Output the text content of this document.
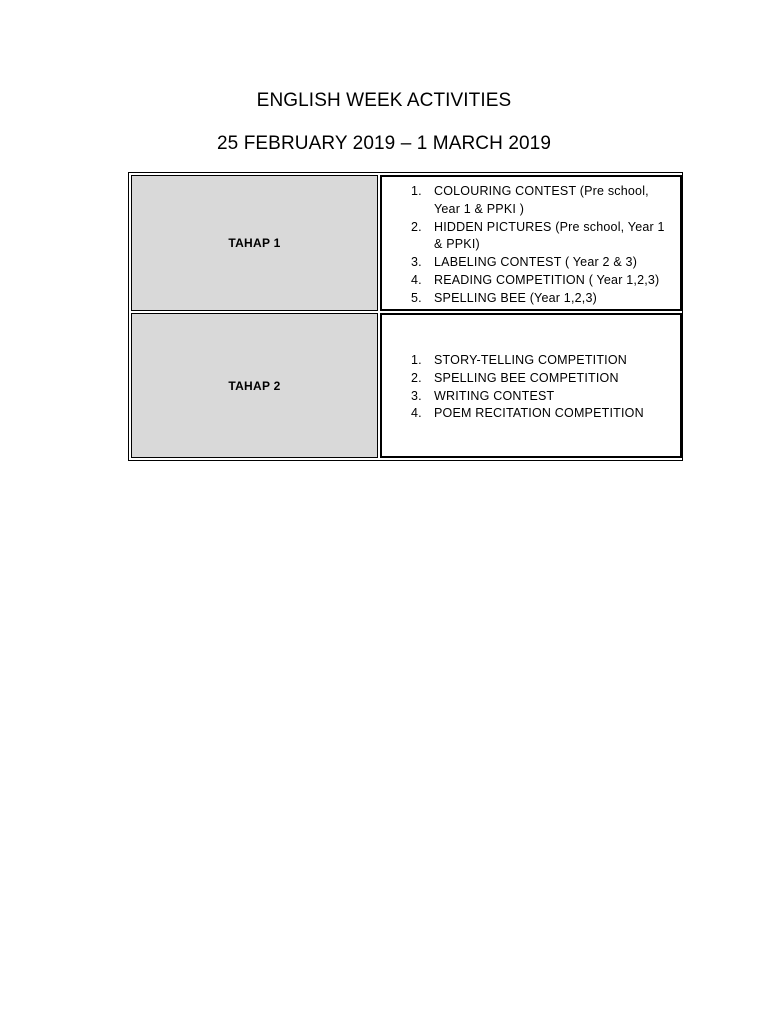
ENGLISH WEEK ACTIVITIES
25 FEBRUARY 2019 – 1 MARCH 2019
TAHAP 1
1. COLOURING CONTEST (Pre school, Year 1 & PPKI )
2. HIDDEN PICTURES (Pre school, Year 1 & PPKI)
3. LABELING CONTEST ( Year 2 & 3)
4. READING COMPETITION ( Year 1,2,3)
5. SPELLING BEE (Year 1,2,3)
TAHAP 2
1. STORY-TELLING COMPETITION
2. SPELLING BEE COMPETITION
3. WRITING CONTEST
4. POEM RECITATION COMPETITION
